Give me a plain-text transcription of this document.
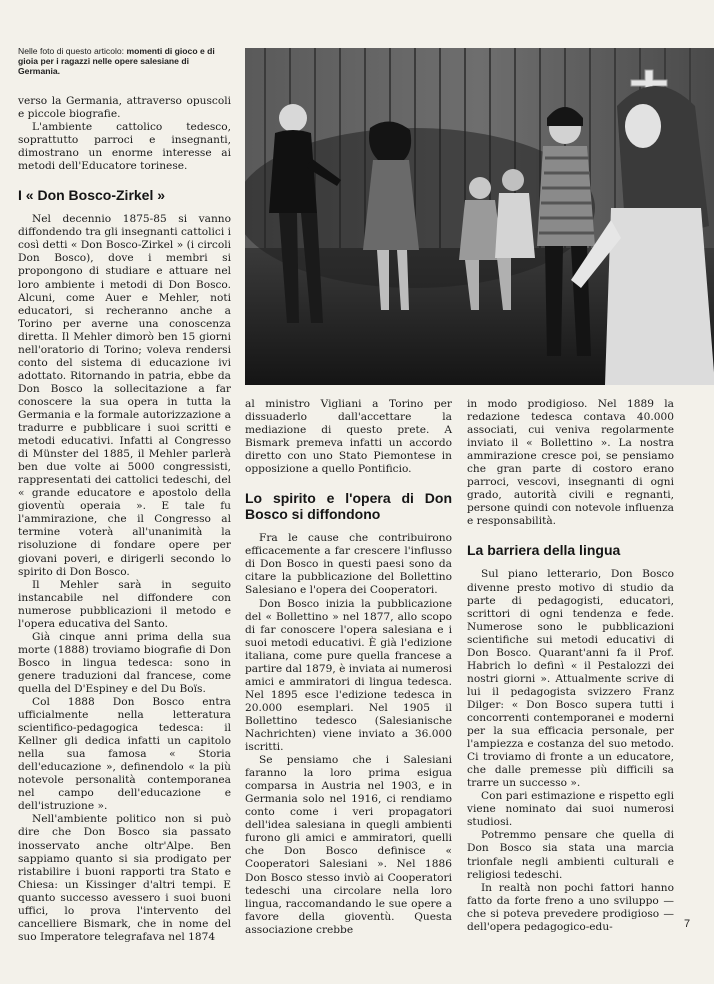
Nelle foto di questo articolo: momenti di gioco e di gioia per i ragazzi nelle opere salesiane di Germania.

verso la Germania, attraverso opuscoli e piccole biografie.

L'ambiente cattolico tedesco, soprattutto parroci e insegnanti, dimostrano un enorme interesse ai metodi dell'Educatore torinese.

I « Don Bosco-Zirkel »

Nel decennio 1875-85 si vanno diffondendo tra gli insegnanti cattolici i così detti « Don Bosco-Zirkel » (i circoli Don Bosco), dove i membri si propongono di studiare e attuare nel loro ambiente i metodi di Don Bosco. Alcuni, come Auer e Mehler, noti educatori, si recheranno anche a Torino per averne una conoscenza diretta. Il Mehler dimorò ben 15 giorni nell'oratorio di Torino; voleva rendersi conto del sistema di educazione ivi adottato. Ritornando in patria, ebbe da Don Bosco la sollecitazione a far conoscere la sua opera in tutta la Germania e la formale autorizzazione a tradurre e pubblicare i suoi scritti e metodi educativi. Infatti al Congresso di Münster del 1885, il Mehler parlerà ben due volte ai 5000 congressisti, rappresentati dei cattolici tedeschi, del « grande educatore e apostolo della gioventù operaia ». E tale fu l'ammirazione, che il Congresso al termine voterà all'unanimità la risoluzione di fondare opere per giovani poveri, e dirigerli secondo lo spirito di Don Bosco.

Il Mehler sarà in seguito instancabile nel diffondere con numerose pubblicazioni il metodo e l'opera educativa del Santo.

Già cinque anni prima della sua morte (1888) troviamo biografie di Don Bosco in lingua tedesca: sono in genere traduzioni dal francese, come quella del D'Espiney e del Du Boïs.

Col 1888 Don Bosco entra ufficialmente nella letteratura scientifico-pedagogica tedesca: il Kellner gli dedica infatti un capitolo nella sua famosa « Storia dell'educazione », definendolo « la più notevole personalità contemporanea nel campo dell'educazione e dell'istruzione ».

Nell'ambiente politico non si può dire che Don Bosco sia passato inosservato anche oltr'Alpe. Ben sappiamo quanto si sia prodigato per ristabilire i buoni rapporti tra Stato e Chiesa: un Kissinger d'altri tempi. E quanto successo avessero i suoi buoni uffici, lo prova l'intervento del cancelliere Bismark, che in nome del suo Imperatore telegrafava nel 1874

al ministro Vigliani a Torino per dissuaderlo dall'accettare la mediazione di questo prete. A Bismark premeva infatti un accordo diretto con uno Stato Piemontese in opposizione a quello Pontificio.

Lo spirito e l'opera di Don Bosco si diffondono

Fra le cause che contribuirono efficacemente a far crescere l'influsso di Don Bosco in questi paesi sono da citare la pubblicazione del Bollettino Salesiano e l'opera dei Cooperatori.

Don Bosco inizia la pubblicazione del « Bollettino » nel 1877, allo scopo di far conoscere l'opera salesiana e i suoi metodi educativi. È già l'edizione italiana, come pure quella francese a partire dal 1879, è inviata ai numerosi amici e ammiratori di lingua tedesca. Nel 1895 esce l'edizione tedesca in 20.000 esemplari. Nel 1905 il Bollettino tedesco (Salesianische Nachrichten) viene inviato a 36.000 iscritti.

Se pensiamo che i Salesiani faranno la loro prima esigua comparsa in Austria nel 1903, e in Germania solo nel 1916, ci rendiamo conto come i veri propagatori dell'idea salesiana in quegli ambienti furono gli amici e ammiratori, quelli che Don Bosco definisce « Cooperatori Salesiani ». Nel 1886 Don Bosco stesso inviò ai Cooperatori tedeschi una circolare nella loro lingua, raccomandando le sue opere a favore della gioventù. Questa associazione crebbe

in modo prodigioso. Nel 1889 la redazione tedesca contava 40.000 associati, cui veniva regolarmente inviato il « Bollettino ». La nostra ammirazione cresce poi, se pensiamo che gran parte di costoro erano parroci, vescovi, insegnanti di ogni grado, autorità civili e regnanti, persone quindi con notevole influenza e responsabilità.

La barriera della lingua

Sul piano letterario, Don Bosco divenne presto motivo di studio da parte di pedagogisti, educatori, scrittori di ogni tendenza e fede. Numerose sono le pubblicazioni scientifiche sui metodi educativi di Don Bosco. Quarant'anni fa il Prof. Habrich lo definì « il Pestalozzi dei nostri giorni ». Attualmente scrive di lui il pedagogista svizzero Franz Dilger: « Don Bosco supera tutti i concorrenti contemporanei e moderni per la sua efficacia personale, per l'ampiezza e costanza del suo metodo. Ci troviamo di fronte a un educatore, che dalle premesse più difficili sa trarre un successo ».

Con pari estimazione e rispetto egli viene nominato dai suoi numerosi studiosi.

Potremmo pensare che quella di Don Bosco sia stata una marcia trionfale negli ambienti culturali e religiosi tedeschi.

In realtà non pochi fattori hanno fatto da forte freno a uno sviluppo — che si poteva prevedere prodigioso — dell'opera pedagogico-edu-	7
